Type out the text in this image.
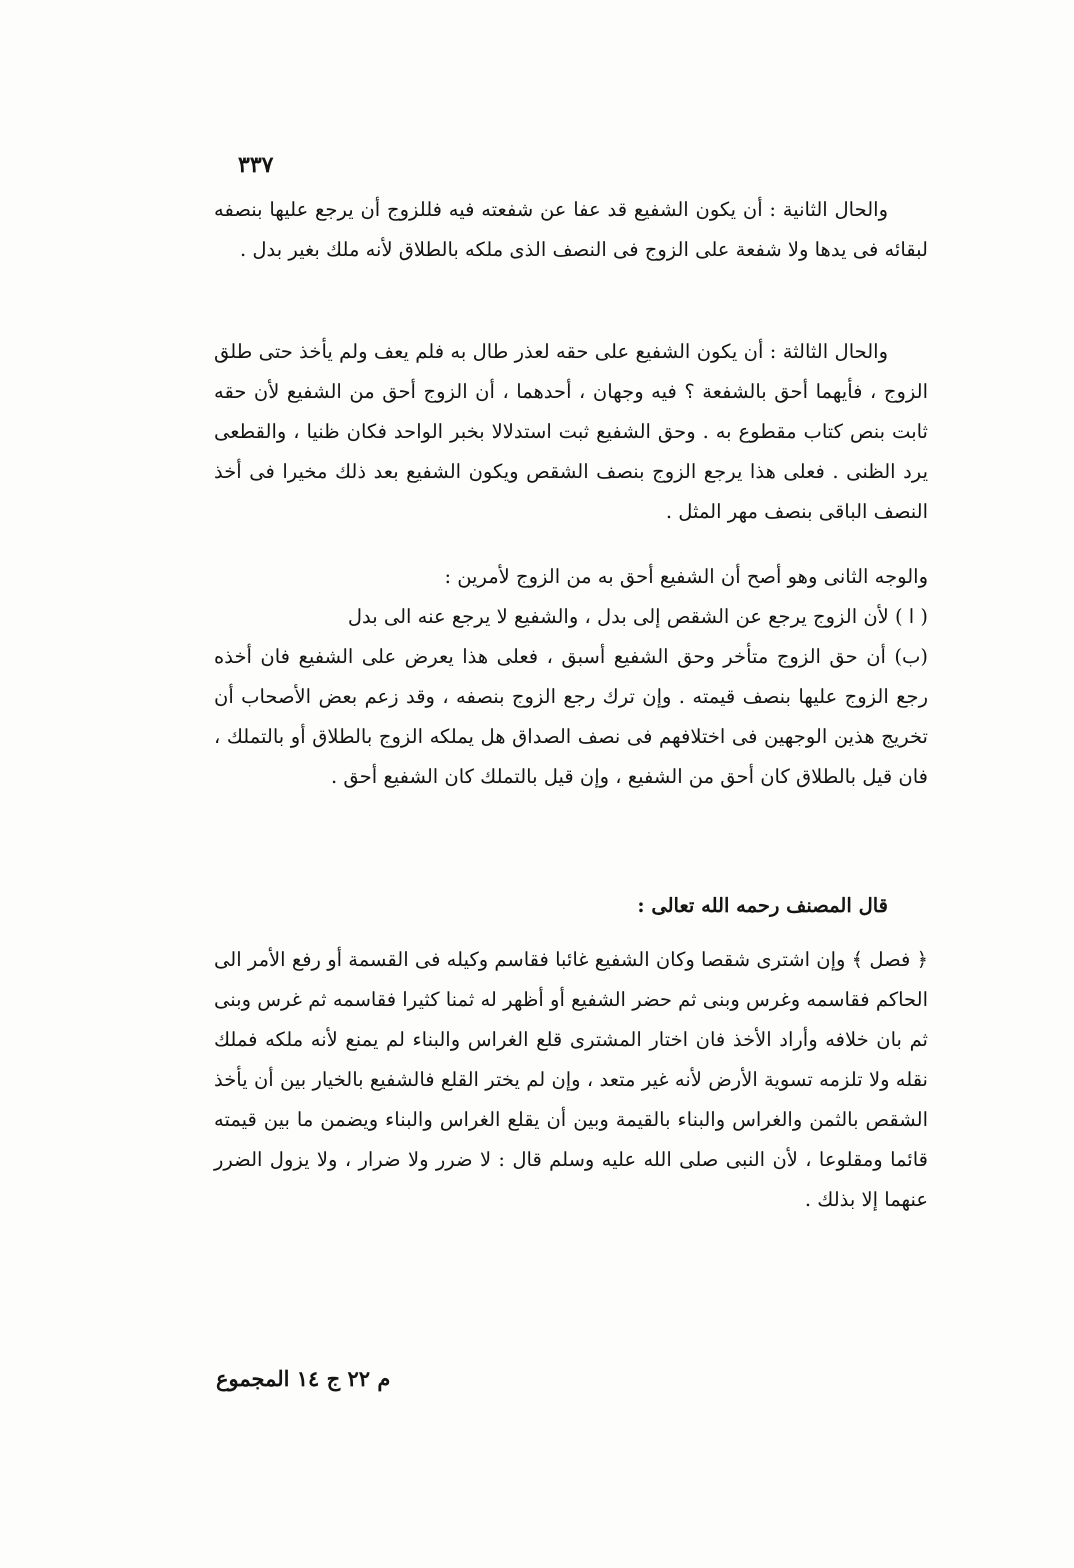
٣٣٧

والحال الثانية : أن يكون الشفيع قد عفا عن شفعته فيه فللزوج أن يرجع عليها بنصفه لبقائه فى يدها ولا شفعة على الزوج فى النصف الذى ملكه بالطلاق لأنه ملك بغير بدل .

والحال الثالثة : أن يكون الشفيع على حقه لعذر طال به فلم يعف ولم يأخذ حتى طلق الزوج ، فأيهما أحق بالشفعة ؟ فيه وجهان ، أحدهما ، أن الزوج أحق من الشفيع لأن حقه ثابت بنص كتاب مقطوع به . وحق الشفيع ثبت استدلالا بخبر الواحد فكان ظنيا ، والقطعى يرد الظنى . فعلى هذا يرجع الزوج بنصف الشقص ويكون الشفيع بعد ذلك مخيرا فى أخذ النصف الباقى بنصف مهر المثل .

والوجه الثانى وهو أصح أن الشفيع أحق به من الزوج لأمرين :

( ا ) لأن الزوج يرجع عن الشقص إلى بدل ، والشفيع لا يرجع عنه الى بدل

(ب) أن حق الزوج متأخر وحق الشفيع أسبق ، فعلى هذا يعرض على الشفيع فان أخذه رجع الزوج عليها بنصف قيمته . وإن ترك رجع الزوج بنصفه ، وقد زعم بعض الأصحاب أن تخريج هذين الوجهين فى اختلافهم فى نصف الصداق هل يملكه الزوج بالطلاق أو بالتملك ، فان قيل بالطلاق كان أحق من الشفيع ، وإن قيل بالتملك كان الشفيع أحق .

قال المصنف رحمه الله تعالى :

﴿ فصل ﴾ وإن اشترى شقصا وكان الشفيع غائبا فقاسم وكيله فى القسمة أو رفع الأمر الى الحاكم فقاسمه وغرس وبنى ثم حضر الشفيع أو أظهر له ثمنا كثيرا فقاسمه ثم غرس وبنى ثم بان خلافه وأراد الأخذ فان اختار المشترى قلع الغراس والبناء لم يمنع لأنه ملكه فملك نقله ولا تلزمه تسوية الأرض لأنه غير متعد ، وإن لم يختر القلع فالشفيع بالخيار بين أن يأخذ الشقص بالثمن والغراس والبناء بالقيمة وبين أن يقلع الغراس والبناء ويضمن ما بين قيمته قائما ومقلوعا ، لأن النبى صلى الله عليه وسلم قال : لا ضرر ولا ضرار ، ولا يزول الضرر عنهما إلا بذلك .

م ٢٢ ج ١٤ المجموع
